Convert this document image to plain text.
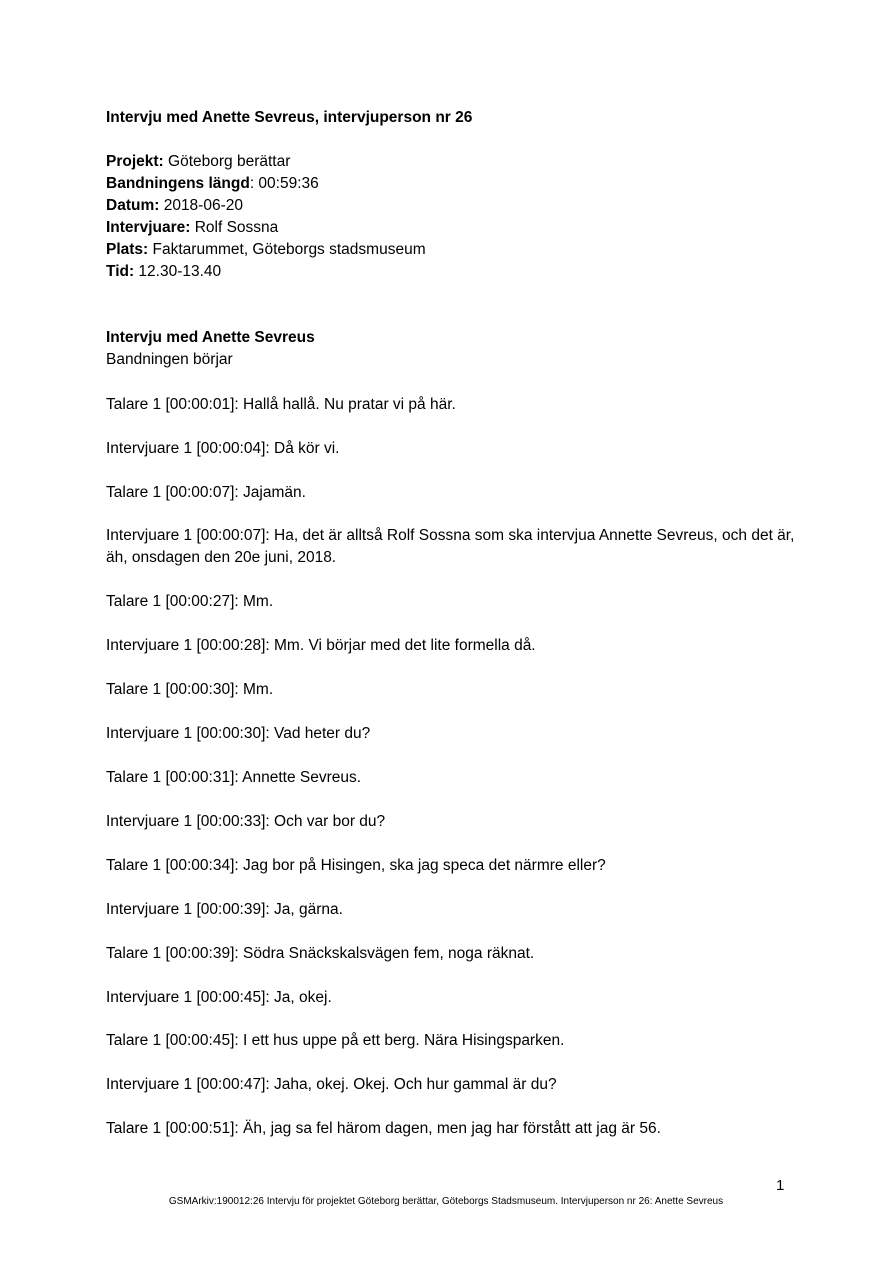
Intervju med Anette Sevreus, intervjuperson nr 26
Projekt: Göteborg berättar
Bandningens längd: 00:59:36
Datum: 2018-06-20
Intervjuare: Rolf Sossna
Plats: Faktarummet, Göteborgs stadsmuseum
Tid: 12.30-13.40
Intervju med Anette Sevreus
Bandningen börjar
Talare 1 [00:00:01]: Hallå hallå. Nu pratar vi på här.
Intervjuare 1 [00:00:04]: Då kör vi.
Talare 1 [00:00:07]: Jajamän.
Intervjuare 1 [00:00:07]: Ha, det är alltså Rolf Sossna som ska intervjua Annette Sevreus, och det är, äh, onsdagen den 20e juni, 2018.
Talare 1 [00:00:27]: Mm.
Intervjuare 1 [00:00:28]: Mm. Vi börjar med det lite formella då.
Talare 1 [00:00:30]: Mm.
Intervjuare 1 [00:00:30]: Vad heter du?
Talare 1 [00:00:31]: Annette Sevreus.
Intervjuare 1 [00:00:33]: Och var bor du?
Talare 1 [00:00:34]: Jag bor på Hisingen, ska jag speca det närmre eller?
Intervjuare 1 [00:00:39]: Ja, gärna.
Talare 1 [00:00:39]: Södra Snäckskalsvägen fem, noga räknat.
Intervjuare 1 [00:00:45]: Ja, okej.
Talare 1 [00:00:45]: I ett hus uppe på ett berg. Nära Hisingsparken.
Intervjuare 1 [00:00:47]: Jaha, okej. Okej. Och hur gammal är du?
Talare 1 [00:00:51]: Äh, jag sa fel härom dagen, men jag har förstått att jag är 56.
1
GSMArkiv:190012:26 Intervju för projektet Göteborg berättar, Göteborgs Stadsmuseum. Intervjuperson nr 26: Anette Sevreus
